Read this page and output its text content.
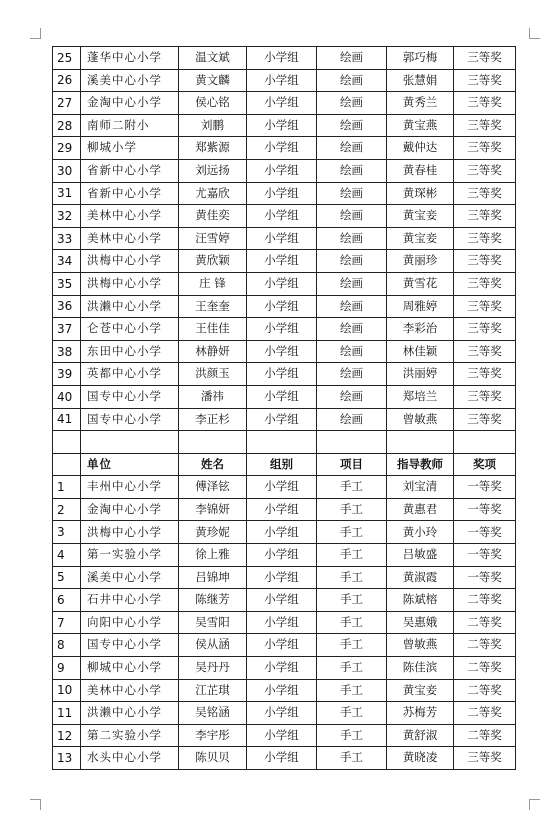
25	蓬华中心小学	温文斌	小学组	绘画	郭巧梅	三等奖
26	溪美中心小学	黄文麟	小学组	绘画	张慧娟	三等奖
27	金淘中心小学	侯心铭	小学组	绘画	黄秀兰	三等奖
28	南师二附小	刘鹏	小学组	绘画	黄宝燕	三等奖
29	柳城小学	郑紫源	小学组	绘画	戴仲达	三等奖
30	省新中心小学	刘远扬	小学组	绘画	黄春桂	三等奖
31	省新中心小学	尤嘉欣	小学组	绘画	黄琛彬	三等奖
32	美林中心小学	黄佳奕	小学组	绘画	黄宝妾	三等奖
33	美林中心小学	汪雪婷	小学组	绘画	黄宝妾	三等奖
34	洪梅中心小学	黄欣颖	小学组	绘画	黄丽珍	三等奖
35	洪梅中心小学	庄 锋	小学组	绘画	黄雪花	三等奖
36	洪濑中心小学	王奎奎	小学组	绘画	周雅婷	三等奖
37	仑苍中心小学	王佳佳	小学组	绘画	李彩治	三等奖
38	东田中心小学	林静妍	小学组	绘画	林佳颖	三等奖
39	英都中心小学	洪颜玉	小学组	绘画	洪丽婷	三等奖
40	国专中心小学	潘祎	小学组	绘画	郑培兰	三等奖
41	国专中心小学	李正杉	小学组	绘画	曾敏燕	三等奖

	单位	姓名	组别	项目	指导教师	奖项
1	丰州中心小学	傅泽铉	小学组	手工	刘宝清	一等奖
2	金淘中心小学	李锦妍	小学组	手工	黄惠君	一等奖
3	洪梅中心小学	黄珍妮	小学组	手工	黄小玲	一等奖
4	第一实验小学	徐上雅	小学组	手工	吕敏盛	一等奖
5	溪美中心小学	吕锦坤	小学组	手工	黄淑霞	一等奖
6	石井中心小学	陈继芳	小学组	手工	陈斌榕	二等奖
7	向阳中心小学	吴雪阳	小学组	手工	吴惠娥	二等奖
8	国专中心小学	侯从涵	小学组	手工	曾敏燕	二等奖
9	柳城中心小学	吴丹丹	小学组	手工	陈佳滨	二等奖
10	美林中心小学	江芷琪	小学组	手工	黄宝妾	二等奖
11	洪濑中心小学	吴铭涵	小学组	手工	苏梅芳	二等奖
12	第二实验小学	李宇彤	小学组	手工	黄舒淑	二等奖
13	水头中心小学	陈贝贝	小学组	手工	黄晓凌	三等奖
